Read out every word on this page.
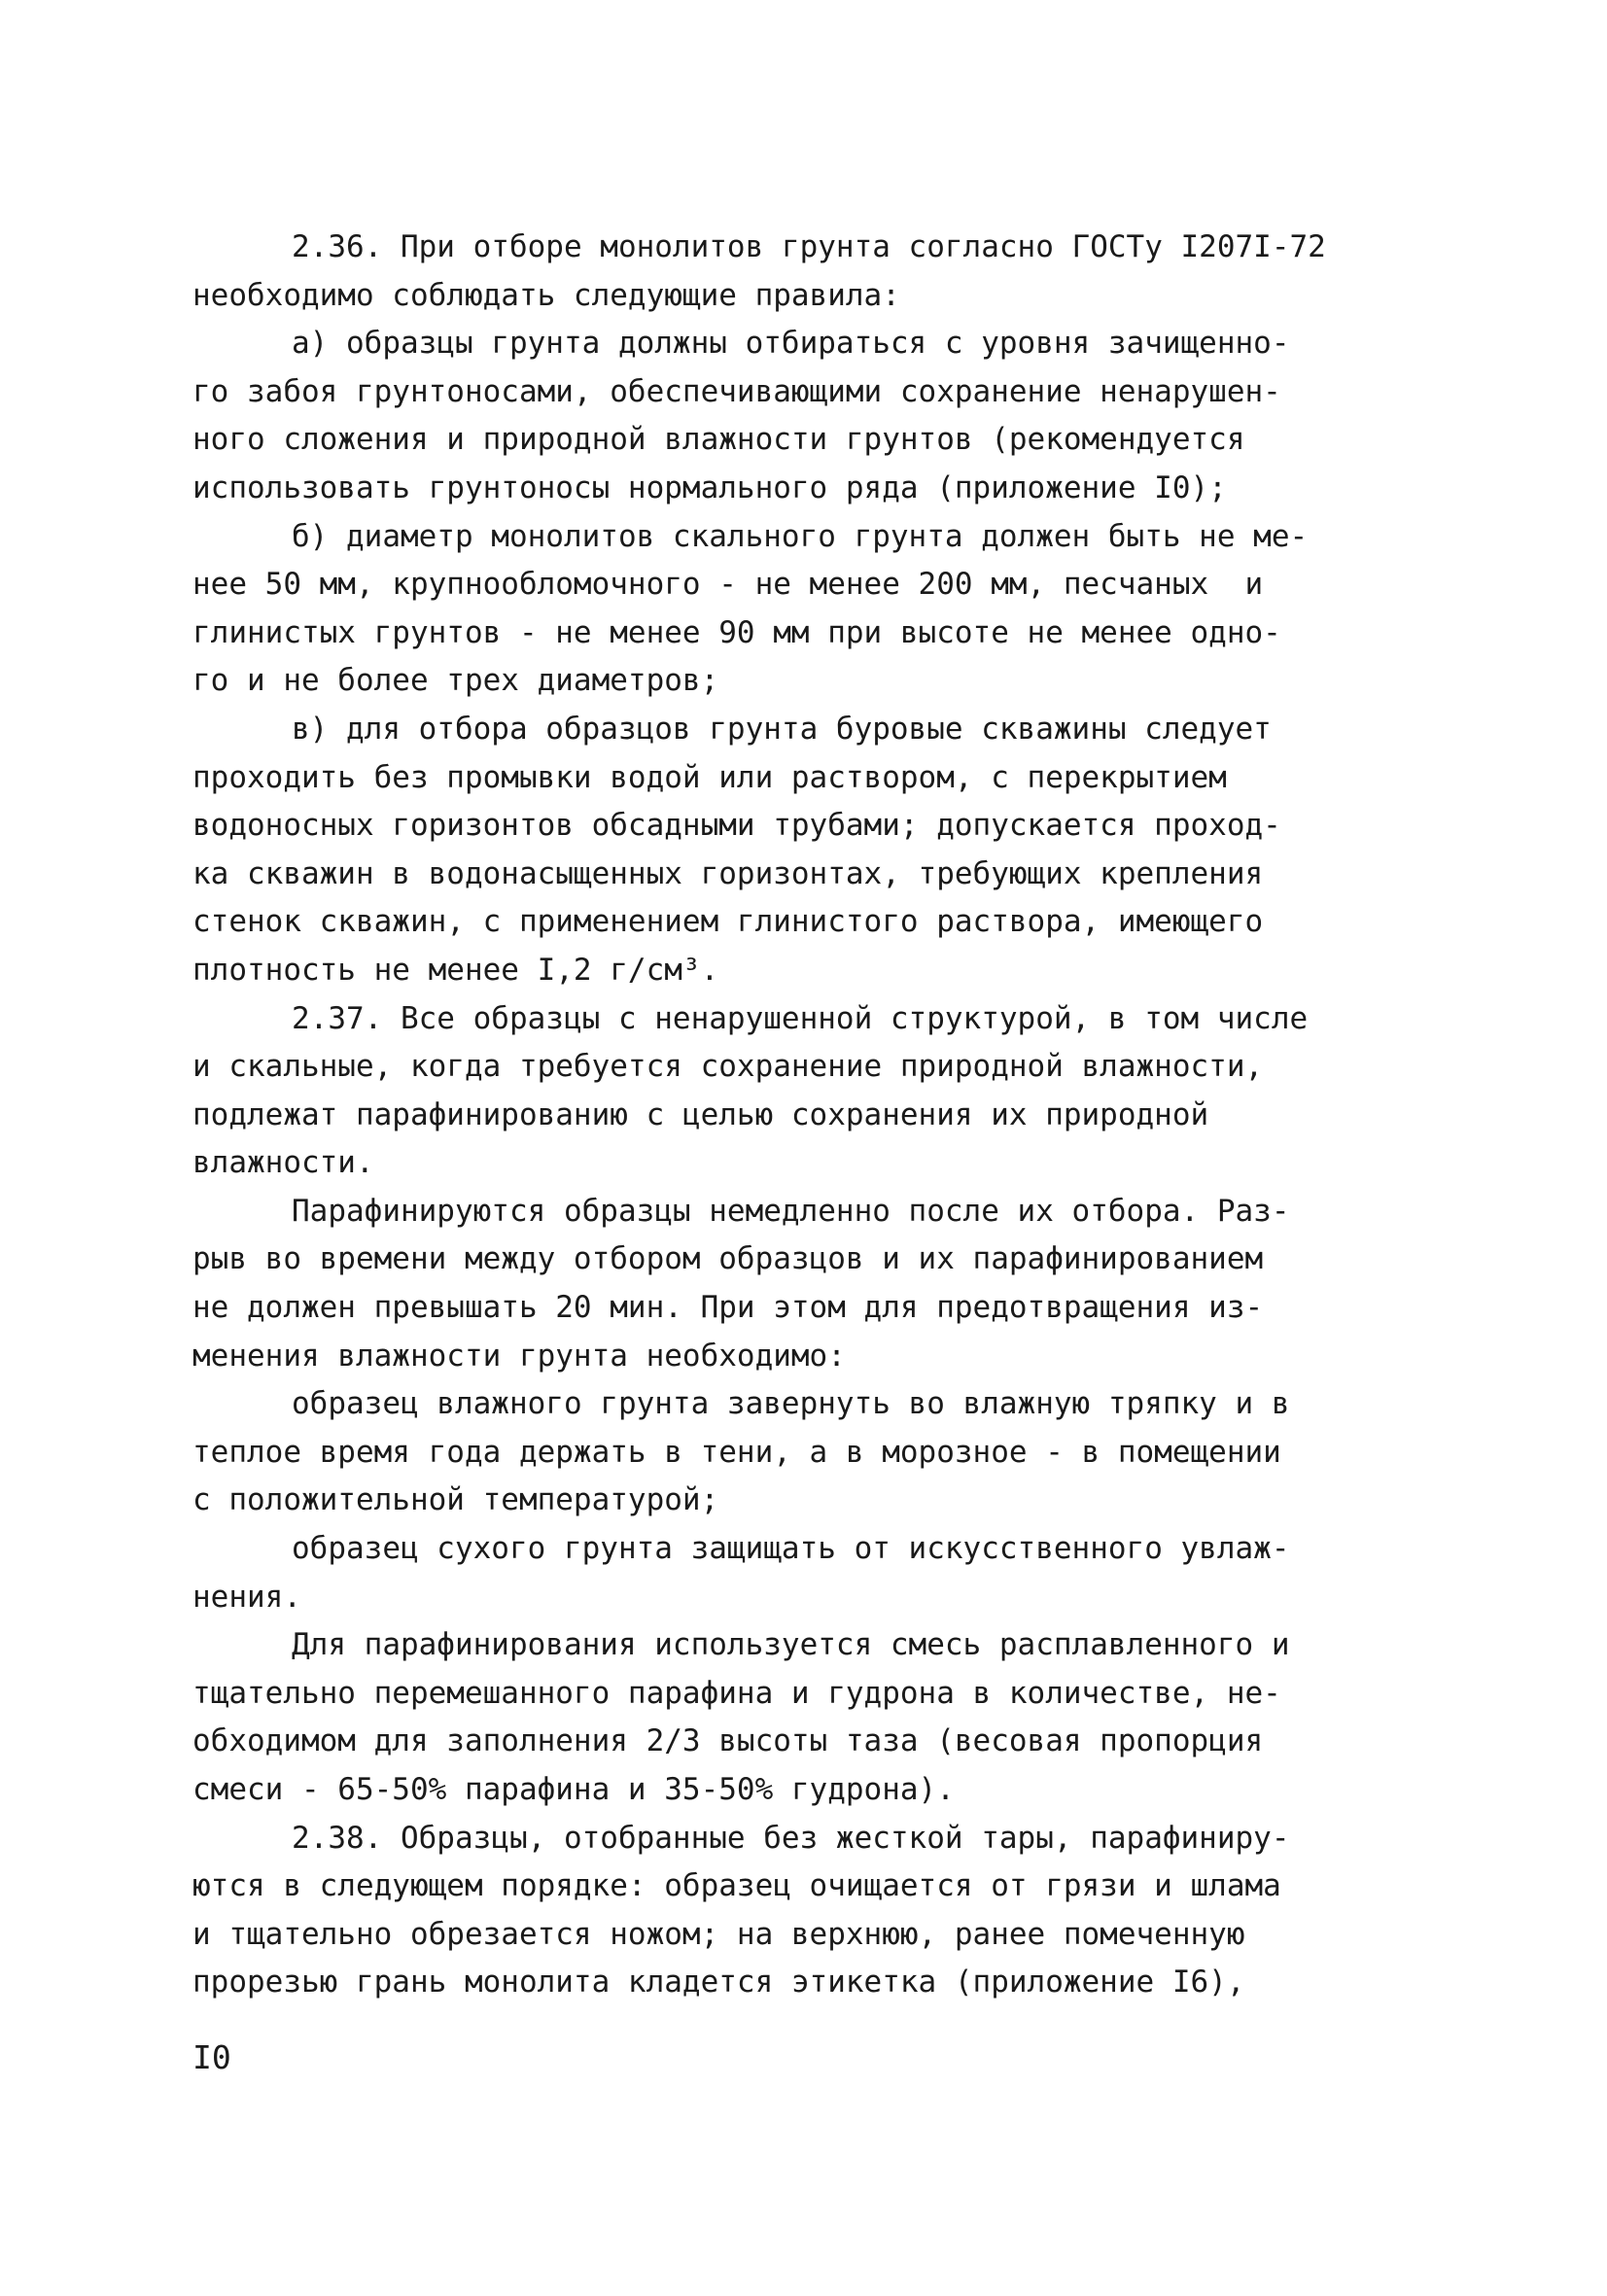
2.36. При отборе монолитов грунта согласно ГОСТу I207I-72
необходимо соблюдать следующие правила:
а) образцы грунта должны отбираться с уровня зачищенно-
го забоя грунтоносами, обеспечивающими сохранение ненарушен-
ного сложения и природной влажности грунтов (рекомендуется
использовать грунтоносы нормального ряда (приложение I0);
б) диаметр монолитов скального грунта должен быть не ме-
нее 50 мм, крупнообломочного - не менее 200 мм, песчаных  и
глинистых грунтов - не менее 90 мм при высоте не менее одно-
го и не более трех диаметров;
в) для отбора образцов грунта буровые скважины следует
проходить без промывки водой или раствором, с перекрытием
водоносных горизонтов обсадными трубами; допускается проход-
ка скважин в водонасыщенных горизонтах, требующих крепления
стенок скважин, с применением глинистого раствора, имеющего
плотность не менее I,2 г/см³.
2.37. Все образцы с ненарушенной структурой, в том числе
и скальные, когда требуется сохранение природной влажности,
подлежат парафинированию с целью сохранения их природной
влажности.
Парафинируются образцы немедленно после их отбора. Раз-
рыв во времени между отбором образцов и их парафинированием
не должен превышать 20 мин. При этом для предотвращения из-
менения влажности грунта необходимо:
образец влажного грунта завернуть во влажную тряпку и в
теплое время года держать в тени, а в морозное - в помещении
с положительной температурой;
образец сухого грунта защищать от искусственного увлаж-
нения.
Для парафинирования используется смесь расплавленного и
тщательно перемешанного парафина и гудрона в количестве, не-
обходимом для заполнения 2/3 высоты таза (весовая пропорция
смеси - 65-50% парафина и 35-50% гудрона).
2.38. Образцы, отобранные без жесткой тары, парафиниру-
ются в следующем порядке: образец очищается от грязи и шлама
и тщательно обрезается ножом; на верхнюю, ранее помеченную
прорезью грань монолита кладется этикетка (приложение I6),
I0
